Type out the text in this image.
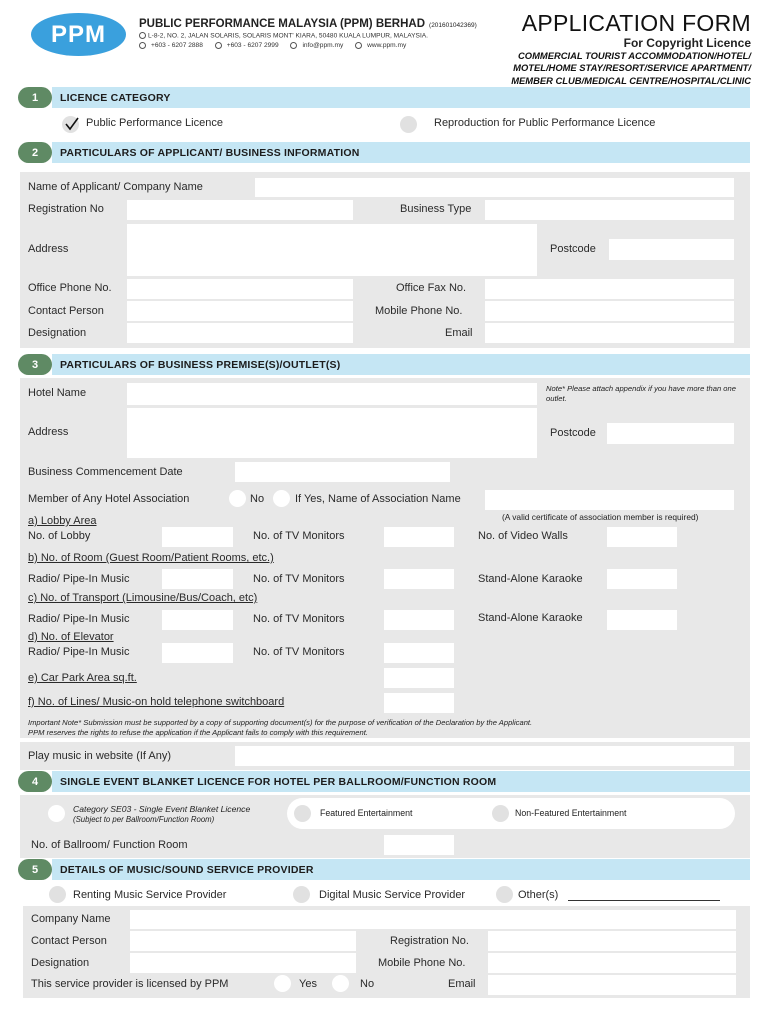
PPM	PUBLIC PERFORMANCE MALAYSIA (PPM) BERHAD (201601042369)
L-8-2, NO. 2, JALAN SOLARIS, SOLARIS MONT' KIARA, 50480 KUALA LUMPUR, MALAYSIA.
+603 - 6207 2888	+603 - 6207 2999	info@ppm.my	www.ppm.my
APPLICATION FORM
For Copyright Licence
COMMERCIAL TOURIST ACCOMMODATION/HOTEL/
MOTEL/HOME STAY/RESORT/SERVICE APARTMENT/
MEMBER CLUB/MEDICAL CENTRE/HOSPITAL/CLINIC
1	LICENCE CATEGORY
Public Performance Licence	Reproduction for Public Performance Licence
2	PARTICULARS OF APPLICANT/ BUSINESS INFORMATION
Name of Applicant/ Company Name
Registration No	Business Type
Address	Postcode
Office Phone No.	Office Fax No.
Contact Person	Mobile Phone No.
Designation	Email
3	PARTICULARS OF BUSINESS PREMISE(S)/OUTLET(S)
Hotel Name	Note* Please attach appendix if you have more than one outlet.
Address	Postcode
Business Commencement Date
Member of Any Hotel Association	No	If Yes, Name of Association Name
(A valid certificate of association member is required)
a) Lobby Area
No. of Lobby	No. of TV Monitors	No. of Video Walls
b) No. of Room (Guest Room/Patient Rooms, etc.)
Radio/ Pipe-In Music	No. of TV Monitors	Stand-Alone Karaoke
c) No. of Transport (Limousine/Bus/Coach, etc)
Radio/ Pipe-In Music	No. of TV Monitors	Stand-Alone Karaoke
d) No. of Elevator
Radio/ Pipe-In Music	No. of TV Monitors
e) Car Park Area sq.ft.
f) No. of Lines/ Music-on hold telephone switchboard
Important Note* Submission must be supported by a copy of supporting document(s) for the purpose of verification of the Declaration by the Applicant.
PPM reserves the rights to refuse the application if the Applicant fails to comply with this requirement.
Play music in website (If Any)
4	SINGLE EVENT BLANKET LICENCE FOR HOTEL PER BALLROOM/FUNCTION ROOM
Category SE03 - Single Event Blanket Licence
(Subject to per Ballroom/Function Room)
Featured Entertainment	Non-Featured Entertainment
No. of Ballroom/ Function Room
5	DETAILS OF MUSIC/SOUND SERVICE PROVIDER
Renting Music Service Provider	Digital Music Service Provider	Other(s)
Company Name
Contact Person	Registration No.
Designation	Mobile Phone No.
This service provider is licensed by PPM	Yes	No	Email
